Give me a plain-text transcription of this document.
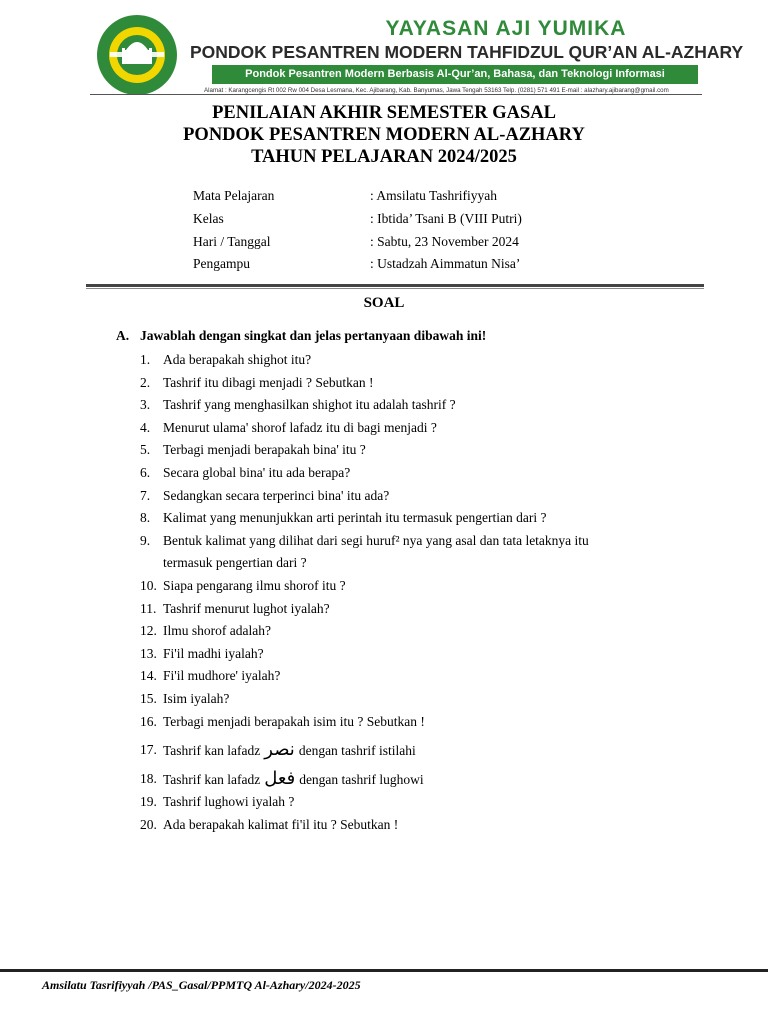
YAYASAN AJI YUMIKA
PONDOK PESANTREN MODERN TAHFIDZUL QUR’AN AL-AZHARY
Pondok Pesantren Modern Berbasis Al-Qur’an, Bahasa, dan Teknologi Informasi
Alamat : Karangcengis Rt 002 Rw 004 Desa Lesmana, Kec. Ajibarang, Kab. Banyumas, Jawa Tengah 53163 Telp. (0281) 571 491 E-mail : alazhary.ajibarang@gmail.com
PENILAIAN AKHIR SEMESTER GASAL
PONDOK PESANTREN MODERN AL-AZHARY
TAHUN PELAJARAN 2024/2025
Mata Pelajaran	: Amsilatu Tashrifiyyah
Kelas	: Ibtida’ Tsani B (VIII Putri)
Hari / Tanggal	: Sabtu, 23 November 2024
Pengampu	: Ustadzah Aimmatun Nisa’
SOAL
A. Jawablah dengan singkat dan jelas pertanyaan dibawah ini!
1. Ada berapakah shighot itu?
2. Tashrif itu dibagi menjadi ? Sebutkan !
3. Tashrif yang menghasilkan shighot itu adalah tashrif ?
4. Menurut ulama' shorof lafadz itu di bagi menjadi ?
5. Terbagi menjadi berapakah bina' itu ?
6. Secara global bina' itu ada berapa?
7. Sedangkan secara terperinci bina' itu ada?
8. Kalimat yang menunjukkan arti perintah itu termasuk pengertian dari ?
9. Bentuk kalimat yang dilihat dari segi huruf² nya yang asal dan tata letaknya itu
termasuk pengertian dari ?
10. Siapa pengarang ilmu shorof itu ?
11. Tashrif menurut lughot iyalah?
12. Ilmu shorof adalah?
13. Fi'il madhi iyalah?
14. Fi'il mudhore' iyalah?
15. Isim iyalah?
16. Terbagi menjadi berapakah isim itu ? Sebutkan !
17. Tashrif kan lafadz نصر dengan tashrif istilahi
18. Tashrif kan lafadz فعل dengan tashrif lughowi
19. Tashrif lughowi iyalah ?
20. Ada berapakah kalimat fi'il itu ? Sebutkan !
Amsilatu Tasrifiyyah /PAS_Gasal/PPMTQ Al-Azhary/2024-2025
